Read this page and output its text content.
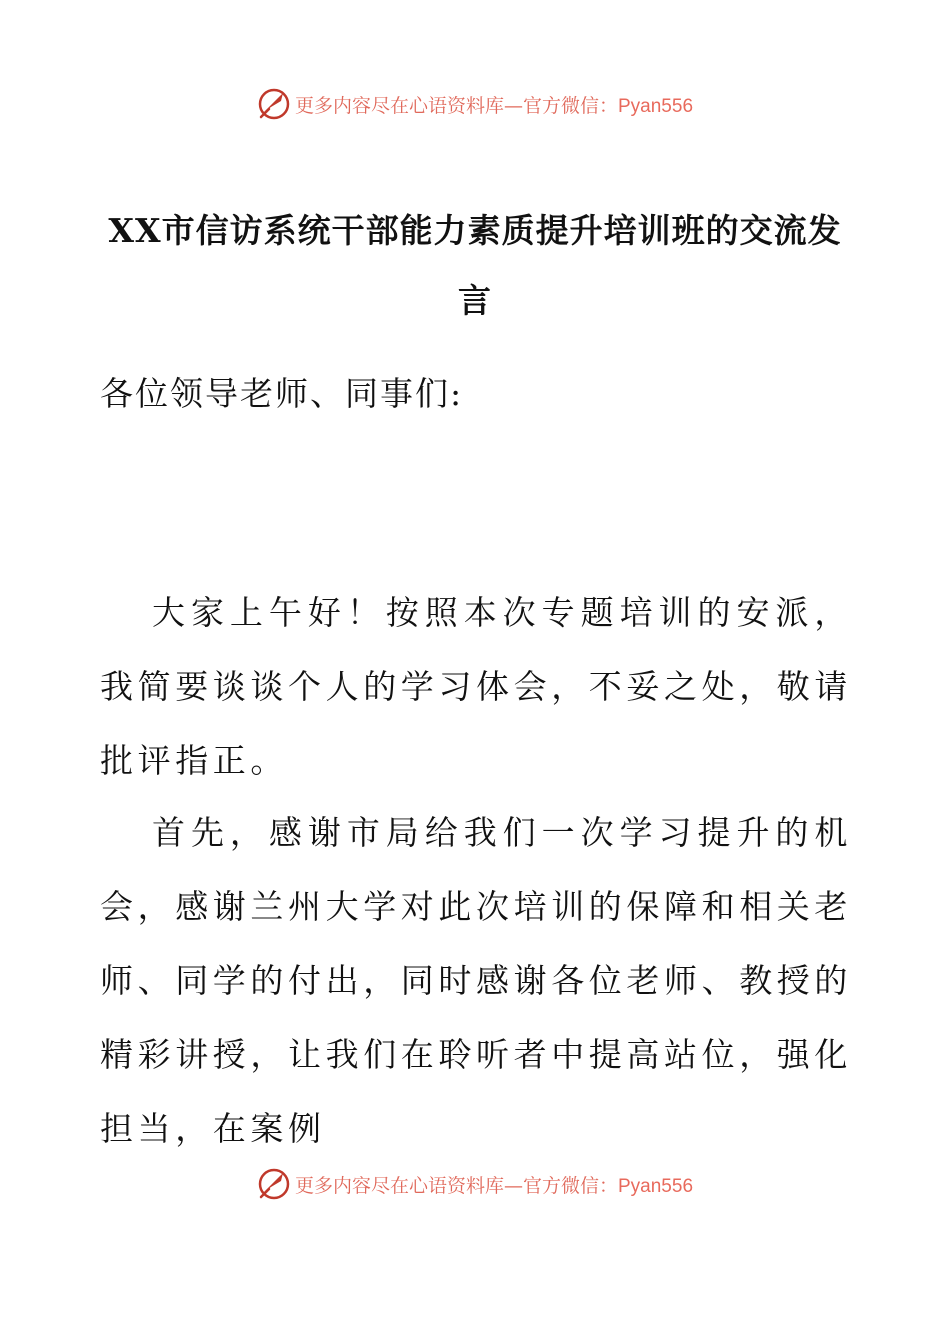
更多内容尽在心语资料库—官方微信：Pyan556
XX市信访系统干部能力素质提升培训班的交流发言

各位领导老师、同事们:

大家上午好！按照本次专题培训的安派，我简要谈谈个人的学习体会，不妥之处，敬请批评指正。

首先，感谢市局给我们一次学习提升的机会，感谢兰州大学对此次培训的保障和相关老师、同学的付出，同时感谢各位老师、教授的精彩讲授，让我们在聆听者中提高站位，强化担当，在案例

更多内容尽在心语资料库—官方微信：Pyan556
